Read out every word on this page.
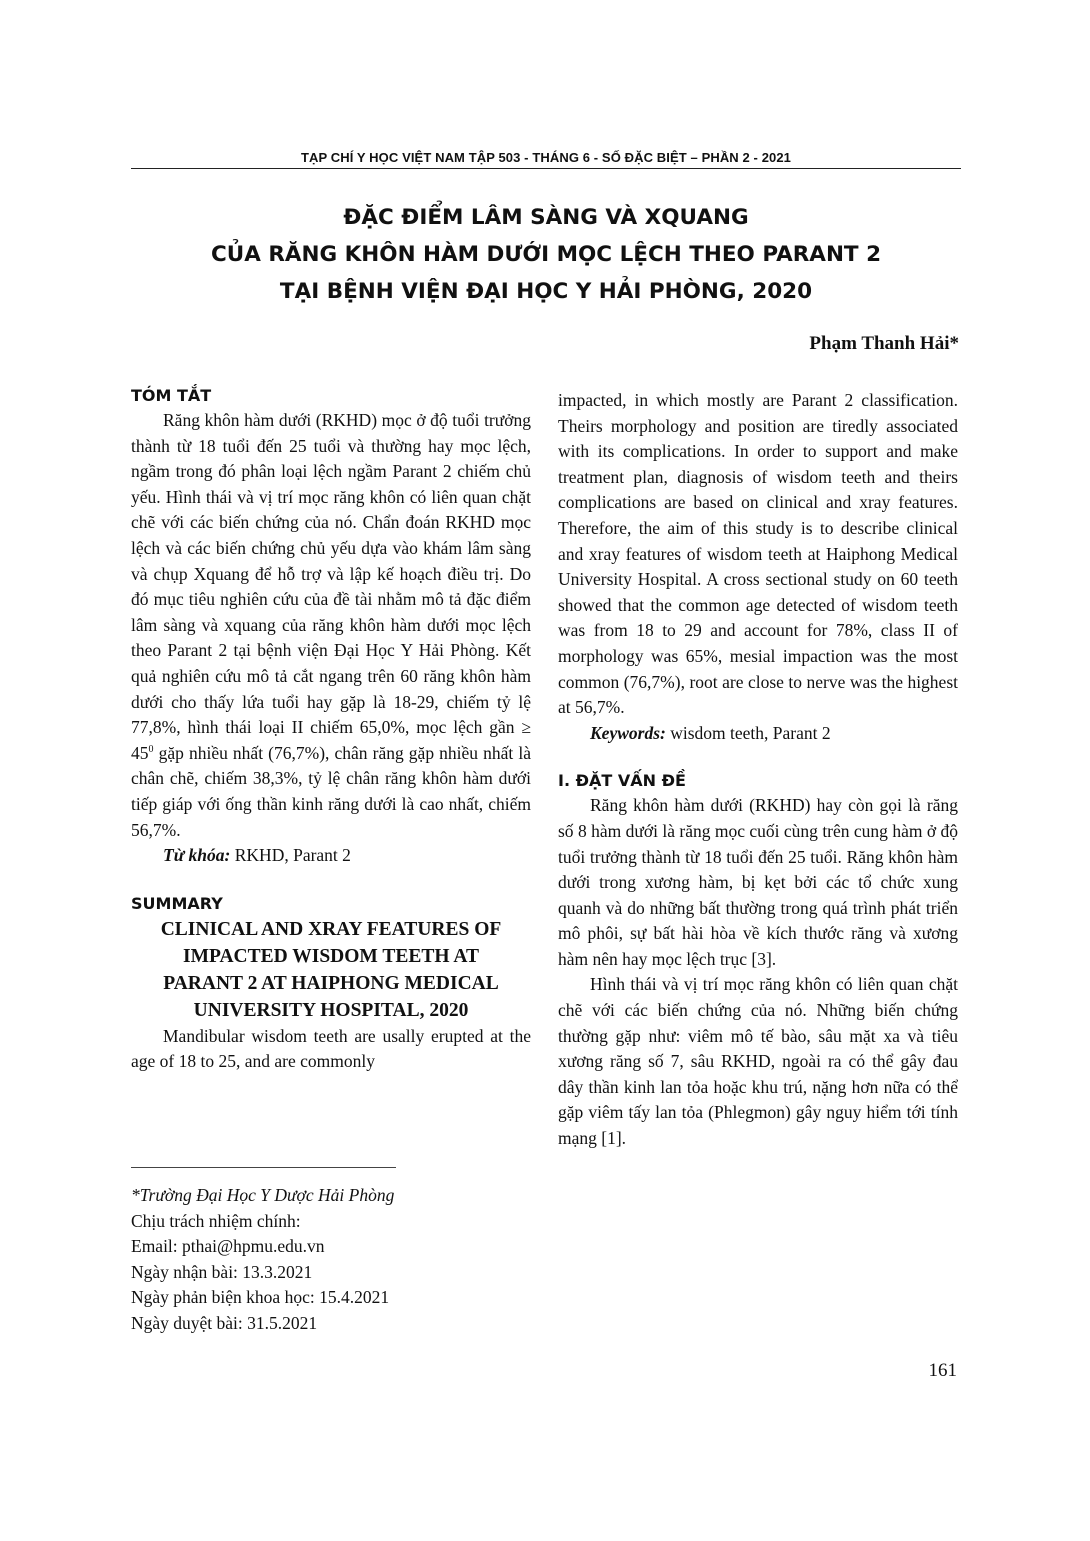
TẠP CHÍ Y HỌC VIỆT NAM TẬP 503 - THÁNG 6 - SỐ ĐẶC BIỆT – PHẦN 2 - 2021
ĐẶC ĐIỂM LÂM SÀNG VÀ XQUANG
CỦA RĂNG KHÔN HÀM DƯỚI MỌC LỆCH THEO PARANT 2
TẠI BỆNH VIỆN ĐẠI HỌC Y HẢI PHÒNG, 2020
Phạm Thanh Hải*
TÓM TẮT

Răng khôn hàm dưới (RKHD) mọc ở độ tuổi trưởng thành từ 18 tuổi đến 25 tuổi và thường hay mọc lệch, ngầm trong đó phân loại lệch ngầm Parant 2 chiếm chủ yếu. Hình thái và vị trí mọc răng khôn có liên quan chặt chẽ với các biến chứng của nó. Chẩn đoán RKHD mọc lệch và các biến chứng chủ yếu dựa vào khám lâm sàng và chụp Xquang để hỗ trợ và lập kế hoạch điều trị. Do đó mục tiêu nghiên cứu của đề tài nhằm mô tả đặc điểm lâm sàng và xquang của răng khôn hàm dưới mọc lệch theo Parant 2 tại bệnh viện Đại Học Y Hải Phòng. Kết quả nghiên cứu mô tả cắt ngang trên 60 răng khôn hàm dưới cho thấy lứa tuổi hay gặp là 18-29, chiếm tỷ lệ 77,8%, hình thái loại II chiếm 65,0%, mọc lệch gần ≥ $45^0$ gặp nhiều nhất (76,7%), chân răng gặp nhiều nhất là chân chẽ, chiếm 38,3%, tỷ lệ chân răng khôn hàm dưới tiếp giáp với ống thần kinh răng dưới là cao nhất, chiếm 56,7%.

Từ khóa: RKHD, Parant 2

SUMMARY

CLINICAL AND XRAY FEATURES OF

IMPACTED WISDOM TEETH AT

PARANT 2 AT HAIPHONG MEDICAL

UNIVERSITY HOSPITAL, 2020

Mandibular wisdom teeth are usally erupted at the age of 18 to 25, and are commonly

*Trường Đại Học Y Dược Hải Phòng
Chịu trách nhiệm chính:
Email: pthai@hpmu.edu.vn
Ngày nhận bài: 13.3.2021
Ngày phản biện khoa học: 15.4.2021
Ngày duyệt bài: 31.5.2021

impacted, in which mostly are Parant 2 classification. Theirs morphology and position are tiredly associated with its complications. In order to support and make treatment plan, diagnosis of wisdom teeth and theirs complications are based on clinical and xray features. Therefore, the aim of this study is to describe clinical and xray features of wisdom teeth at Haiphong Medical University Hospital. A cross sectional study on 60 teeth showed that the common age detected of wisdom teeth was from 18 to 29 and account for 78%, class II of morphology was 65%, mesial impaction was the most common (76,7%), root are close to nerve was the highest at 56,7%.

Keywords: wisdom teeth, Parant 2

I. ĐẶT VẤN ĐỀ

Răng khôn hàm dưới (RKHD) hay còn gọi là răng số 8 hàm dưới là răng mọc cuối cùng trên cung hàm ở độ tuổi trưởng thành từ 18 tuổi đến 25 tuổi. Răng khôn hàm dưới trong xương hàm, bị kẹt bởi các tổ chức xung quanh và do những bất thường trong quá trình phát triển mô phôi, sự bất hài hòa về kích thước răng và xương hàm nên hay mọc lệch trục [3].

Hình thái và vị trí mọc răng khôn có liên quan chặt chẽ với các biến chứng của nó. Những biến chứng thường gặp như: viêm mô tế bào, sâu mặt xa và tiêu xương răng số 7, sâu RKHD, ngoài ra có thể gây đau dây thần kinh lan tỏa hoặc khu trú, nặng hơn nữa có thể gặp viêm tấy lan tỏa (Phlegmon) gây nguy hiểm tới tính mạng [1].

161
